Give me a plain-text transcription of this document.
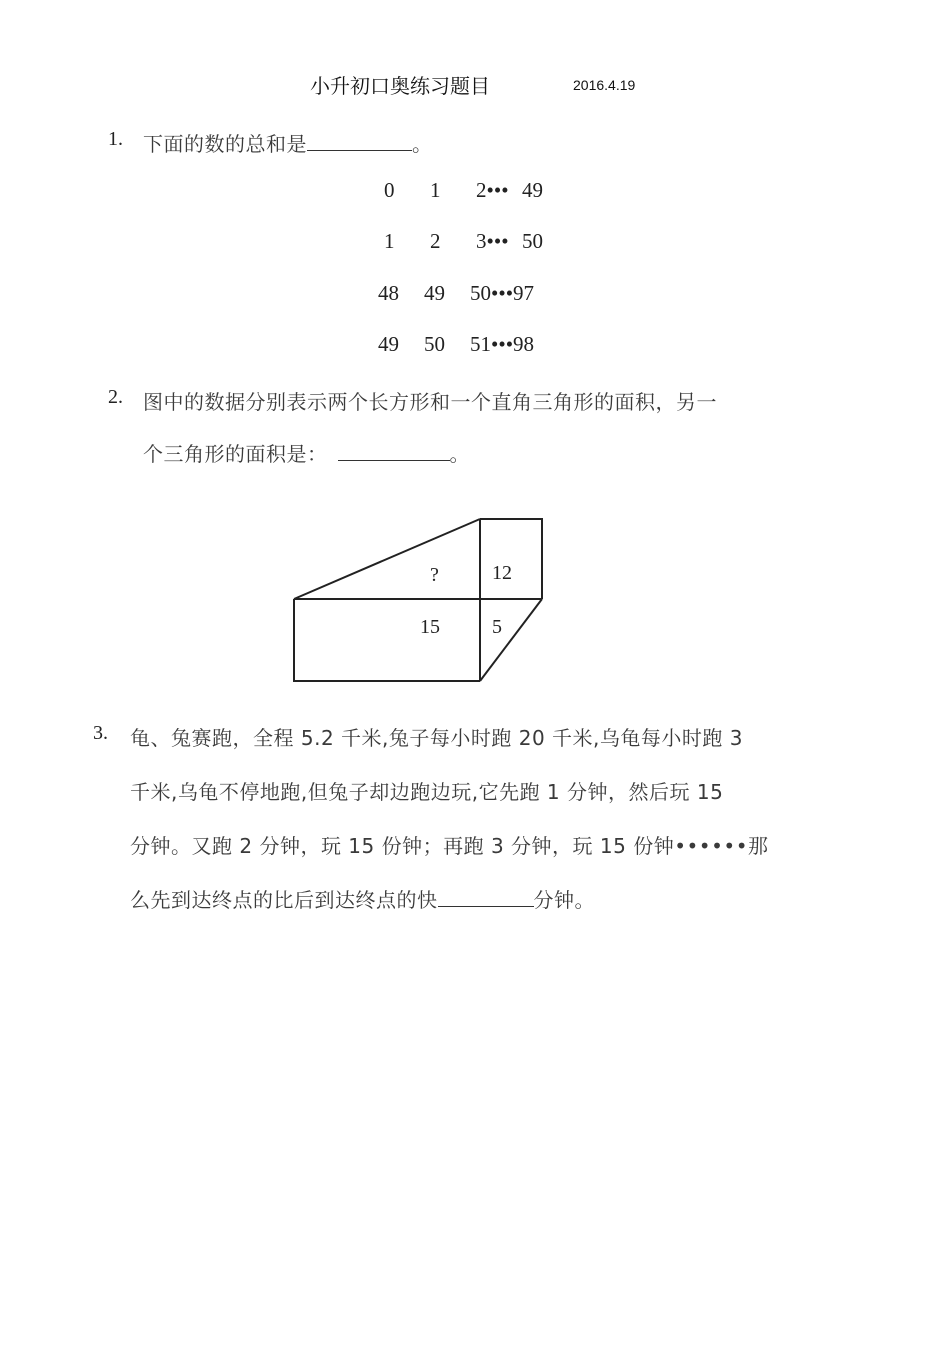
小升初口奥练习题目	2016.4.19
1. 下面的数的总和是	。
0 1 2••• 49
1 2 3••• 50
48 49 50•••97
49 50 51•••98
2. 图中的数据分别表示两个长方形和一个直角三角形的面积，另一
个三角形的面积是：	。
?	12
15	5
3. 龟、兔赛跑，全程 5.2 千米,兔子每小时跑 20 千米,乌龟每小时跑 3
千米,乌龟不停地跑,但兔子却边跑边玩,它先跑 1 分钟，然后玩 15
分钟。又跑 2 分钟，玩 15 份钟；再跑 3 分钟，玩 15 份钟••••••那
么先到达终点的比后到达终点的快	分钟。
